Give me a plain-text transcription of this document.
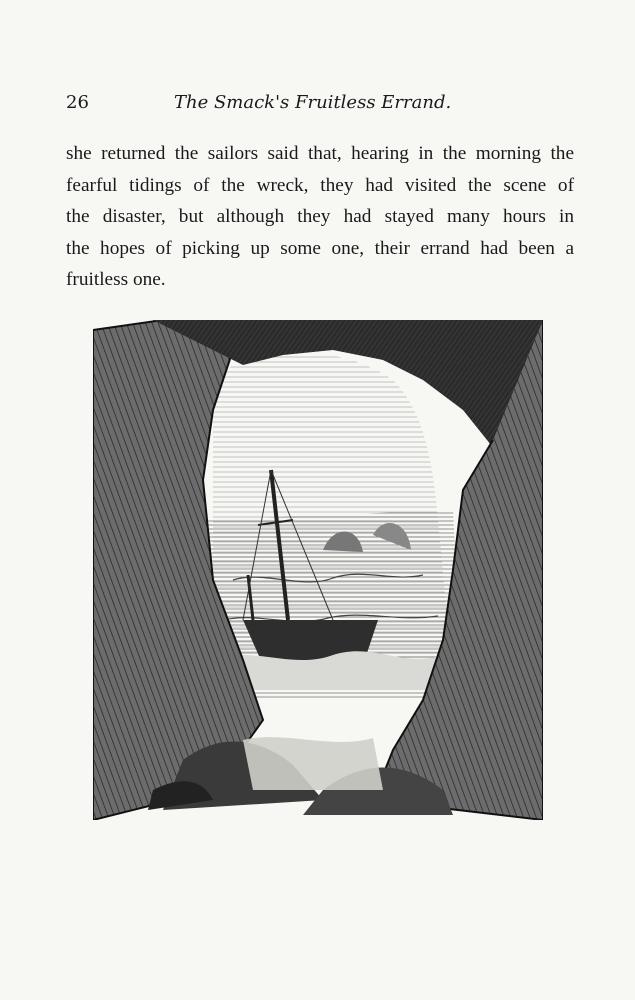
26	The Smack's Fruitless Errand.
she returned the sailors said that, hearing in the morning the
fearful tidings of the wreck, they had visited the scene of
the disaster, but although they had stayed many hours in
the hopes of picking up some one, their errand had been a
fruitless one.
